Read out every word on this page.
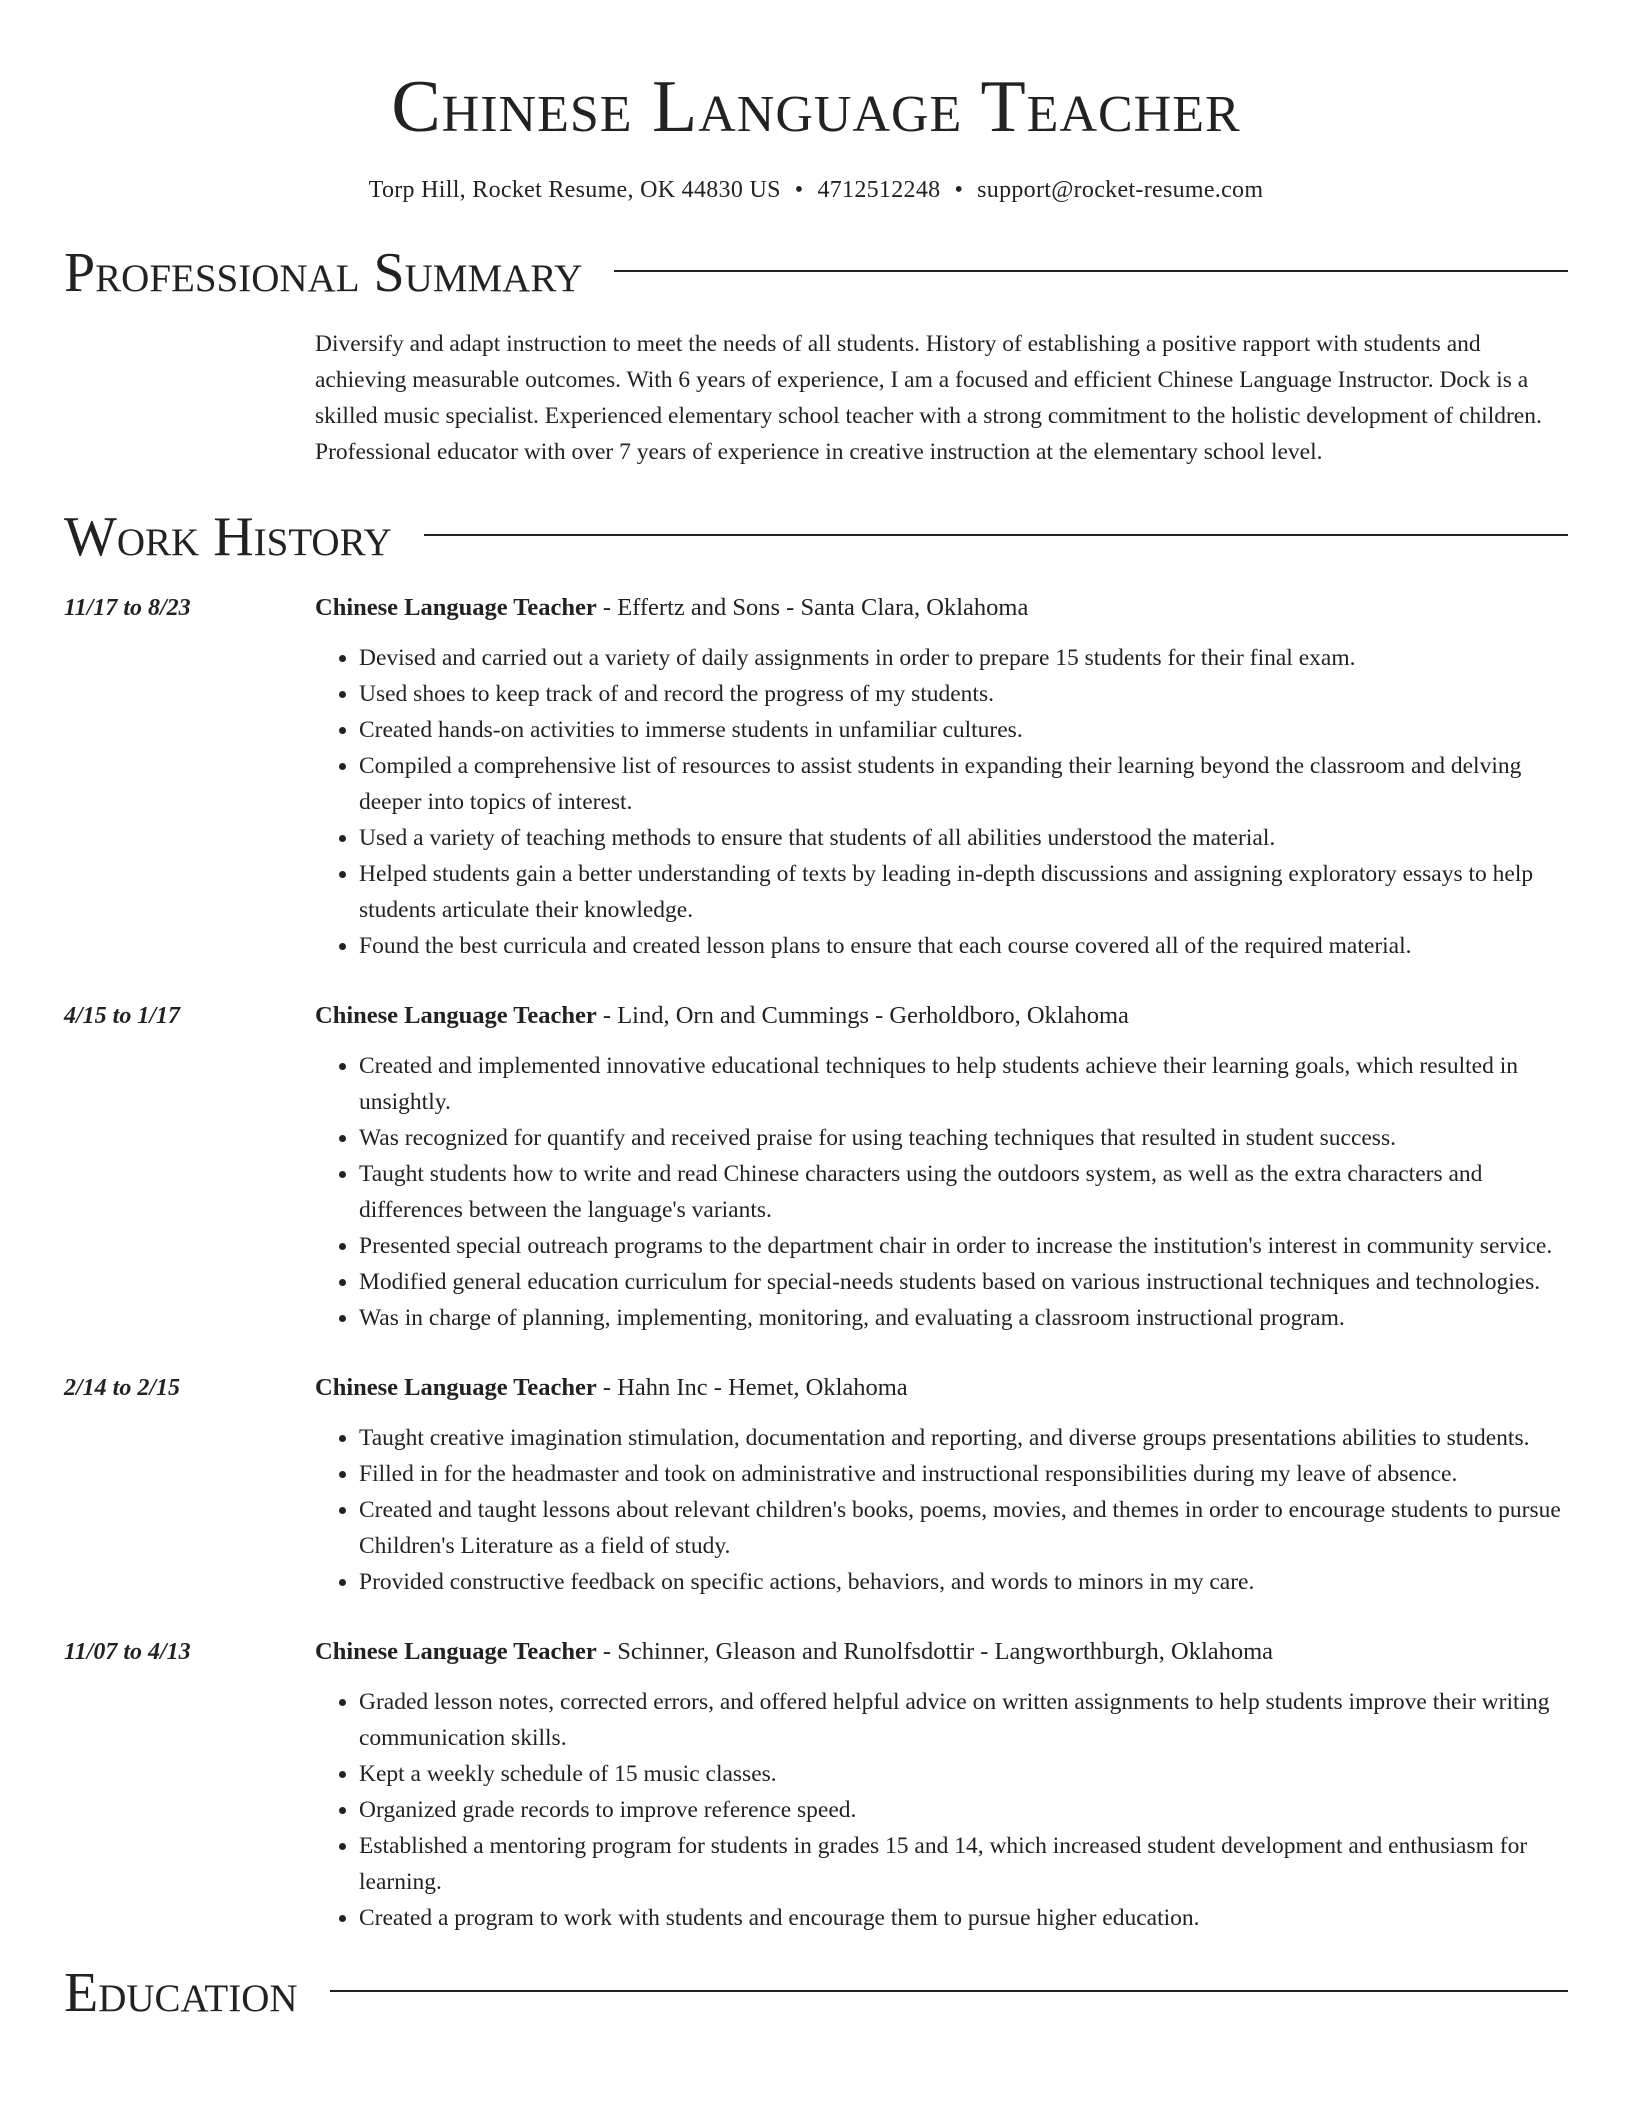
Chinese Language Teacher
Torp Hill, Rocket Resume, OK 44830 US • 4712512248 • support@rocket-resume.com
Professional Summary
Diversify and adapt instruction to meet the needs of all students. History of establishing a positive rapport with students and achieving measurable outcomes. With 6 years of experience, I am a focused and efficient Chinese Language Instructor. Dock is a skilled music specialist. Experienced elementary school teacher with a strong commitment to the holistic development of children. Professional educator with over 7 years of experience in creative instruction at the elementary school level.
Work History
11/17 to 8/23	Chinese Language Teacher - Effertz and Sons - Santa Clara, Oklahoma
• Devised and carried out a variety of daily assignments in order to prepare 15 students for their final exam.
• Used shoes to keep track of and record the progress of my students.
• Created hands-on activities to immerse students in unfamiliar cultures.
• Compiled a comprehensive list of resources to assist students in expanding their learning beyond the classroom and delving deeper into topics of interest.
• Used a variety of teaching methods to ensure that students of all abilities understood the material.
• Helped students gain a better understanding of texts by leading in-depth discussions and assigning exploratory essays to help students articulate their knowledge.
• Found the best curricula and created lesson plans to ensure that each course covered all of the required material.
4/15 to 1/17	Chinese Language Teacher - Lind, Orn and Cummings - Gerholdboro, Oklahoma
• Created and implemented innovative educational techniques to help students achieve their learning goals, which resulted in unsightly.
• Was recognized for quantify and received praise for using teaching techniques that resulted in student success.
• Taught students how to write and read Chinese characters using the outdoors system, as well as the extra characters and differences between the language's variants.
• Presented special outreach programs to the department chair in order to increase the institution's interest in community service.
• Modified general education curriculum for special-needs students based on various instructional techniques and technologies.
• Was in charge of planning, implementing, monitoring, and evaluating a classroom instructional program.
2/14 to 2/15	Chinese Language Teacher - Hahn Inc - Hemet, Oklahoma
• Taught creative imagination stimulation, documentation and reporting, and diverse groups presentations abilities to students.
• Filled in for the headmaster and took on administrative and instructional responsibilities during my leave of absence.
• Created and taught lessons about relevant children's books, poems, movies, and themes in order to encourage students to pursue Children's Literature as a field of study.
• Provided constructive feedback on specific actions, behaviors, and words to minors in my care.
11/07 to 4/13	Chinese Language Teacher - Schinner, Gleason and Runolfsdottir - Langworthburgh, Oklahoma
• Graded lesson notes, corrected errors, and offered helpful advice on written assignments to help students improve their writing communication skills.
• Kept a weekly schedule of 15 music classes.
• Organized grade records to improve reference speed.
• Established a mentoring program for students in grades 15 and 14, which increased student development and enthusiasm for learning.
• Created a program to work with students and encourage them to pursue higher education.
Education
